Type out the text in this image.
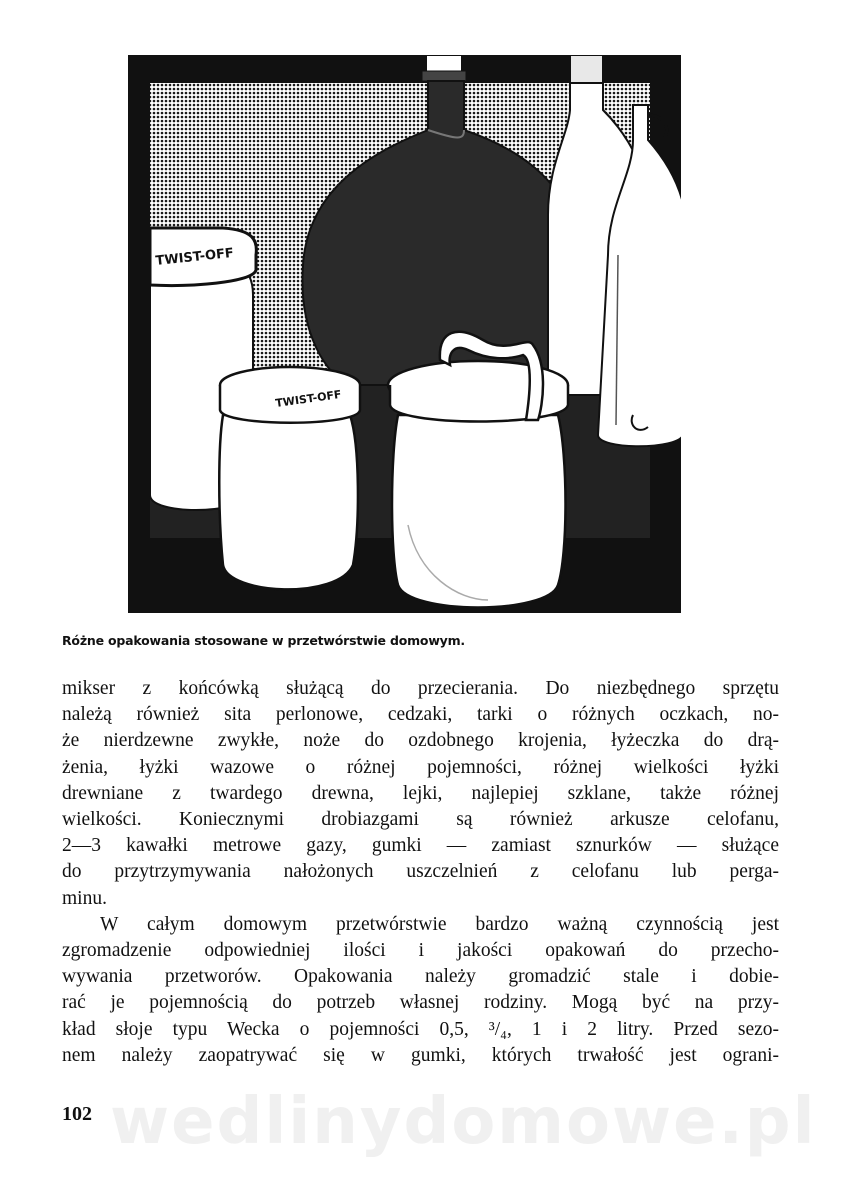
wedlinydomowe.pl
TWIST-OFF
TWIST-OFF
Różne opakowania stosowane w przetwórstwie domowym.

mikser z końcówką służącą do przecierania. Do niezbędnego sprzętu
należą również sita perlonowe, cedzaki, tarki o różnych oczkach, no-
że nierdzewne zwykłe, noże do ozdobnego krojenia, łyżeczka do drą-
żenia, łyżki wazowe o różnej pojemności, różnej wielkości łyżki
drewniane z twardego drewna, lejki, najlepiej szklane, także różnej
wielkości. Koniecznymi drobiazgami są również arkusze celofanu,
2—3 kawałki metrowe gazy, gumki — zamiast sznurków — służące
do przytrzymywania nałożonych uszczelnień z celofanu lub perga-

minu.

W całym domowym przetwórstwie bardzo ważną czynnością jest
zgromadzenie odpowiedniej ilości i jakości opakowań do przecho-
wywania przetworów. Opakowania należy gromadzić stale i dobie-
rać je pojemnością do potrzeb własnej rodziny. Mogą być na przy-
kład słoje typu Wecka o pojemności 0,5, ³/₄, 1 i 2 litry. Przed sezo-
nem należy zaopatrywać się w gumki, których trwałość jest ograni-

102
